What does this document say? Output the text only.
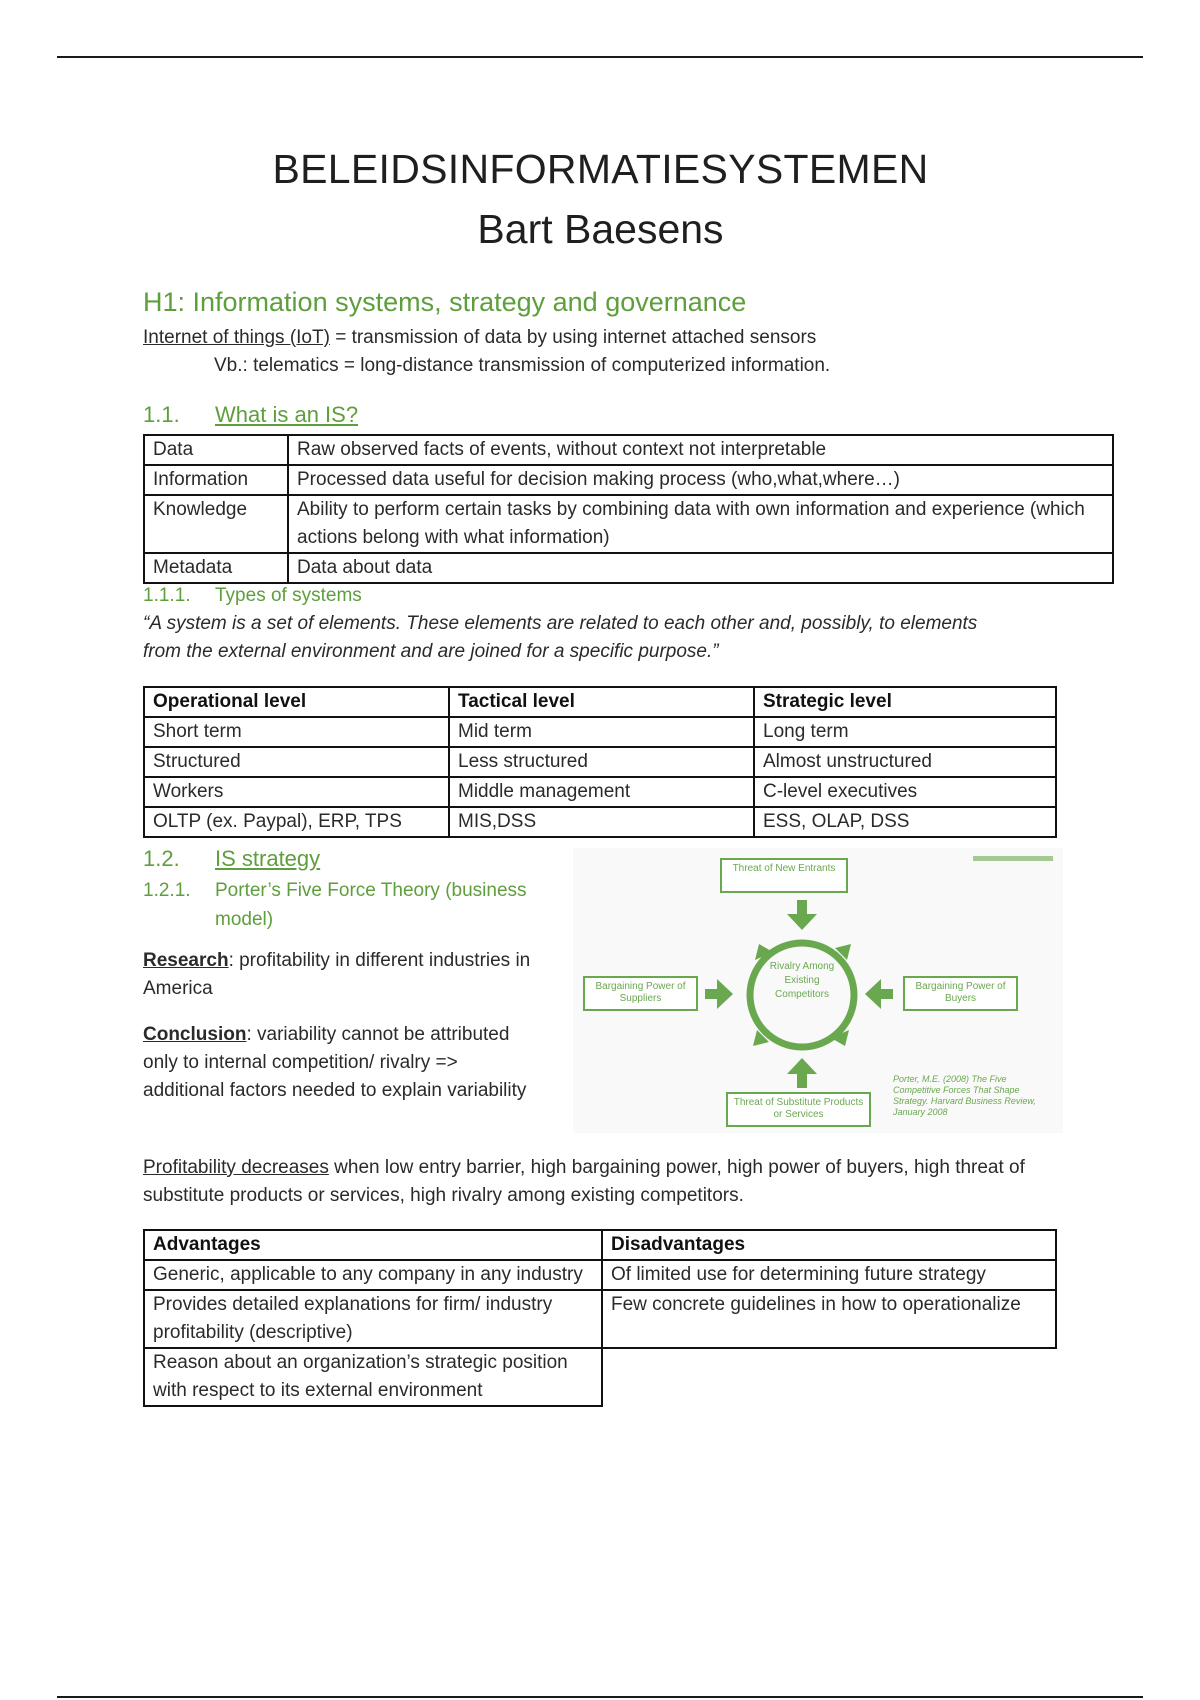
BELEIDSINFORMATIESYSTEMEN
Bart Baesens
H1: Information systems, strategy and governance
Internet of things (IoT) = transmission of data by using internet attached sensors
Vb.: telematics = long-distance transmission of computerized information.
1.1. What is an IS?
Data	Raw observed facts of events, without context not interpretable
Information	Processed data useful for decision making process (who,what,where…)
Knowledge	Ability to perform certain tasks by combining data with own information and experience (which actions belong with what information)
Metadata	Data about data
1.1.1. Types of systems
“A system is a set of elements. These elements are related to each other and, possibly, to elements from the external environment and are joined for a specific purpose.”
Operational level	Tactical level	Strategic level
Short term	Mid term	Long term
Structured	Less structured	Almost unstructured
Workers	Middle management	C-level executives
OLTP (ex. Paypal), ERP, TPS	MIS,DSS	ESS, OLAP, DSS
1.2. IS strategy
1.2.1. Porter’s Five Force Theory (business model)
Research: profitability in different industries in America
Conclusion: variability cannot be attributed only to internal competition/ rivalry => additional factors needed to explain variability
Threat of New Entrants
Bargaining Power of Suppliers
Bargaining Power of Buyers
Threat of Substitute Products or Services
Rivalry Among Existing Competitors
Porter, M.E. (2008) The Five Competitive Forces That Shape Strategy. Harvard Business Review, January 2008
Profitability decreases when low entry barrier, high bargaining power, high power of buyers, high threat of substitute products or services, high rivalry among existing competitors.
Advantages	Disadvantages
Generic, applicable to any company in any industry	Of limited use for determining future strategy
Provides detailed explanations for firm/ industry profitability (descriptive)	Few concrete guidelines in how to operationalize
Reason about an organization’s strategic position with respect to its external environment	
